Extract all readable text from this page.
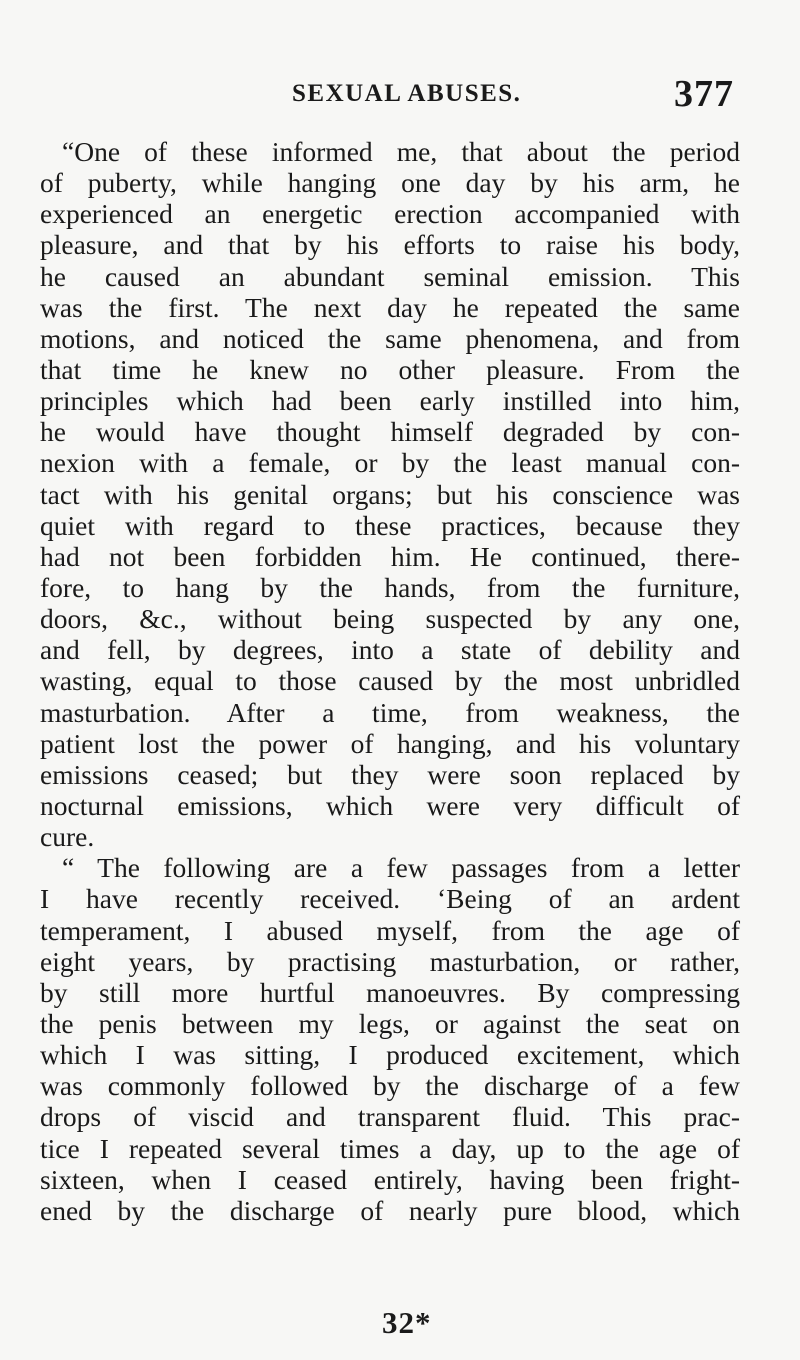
SEXUAL ABUSES.	377
“One of these informed me, that about the period
of puberty, while hanging one day by his arm, he
experienced an energetic erection accompanied with
pleasure, and that by his efforts to raise his body,
he caused an abundant seminal emission. This
was the first. The next day he repeated the same
motions, and noticed the same phenomena, and from
that time he knew no other pleasure. From the
principles which had been early instilled into him,
he would have thought himself degraded by con-
nexion with a female, or by the least manual con-
tact with his genital organs; but his conscience was
quiet with regard to these practices, because they
had not been forbidden him. He continued, there-
fore, to hang by the hands, from the furniture,
doors, &c., without being suspected by any one,
and fell, by degrees, into a state of debility and
wasting, equal to those caused by the most unbridled
masturbation. After a time, from weakness, the
patient lost the power of hanging, and his voluntary
emissions ceased; but they were soon replaced by
nocturnal emissions, which were very difficult of
cure.
“ The following are a few passages from a letter
I have recently received. ‘Being of an ardent
temperament, I abused myself, from the age of
eight years, by practising masturbation, or rather,
by still more hurtful manoeuvres. By compressing
the penis between my legs, or against the seat on
which I was sitting, I produced excitement, which
was commonly followed by the discharge of a few
drops of viscid and transparent fluid. This prac-
tice I repeated several times a day, up to the age of
sixteen, when I ceased entirely, having been fright-
ened by the discharge of nearly pure blood, which
32*
